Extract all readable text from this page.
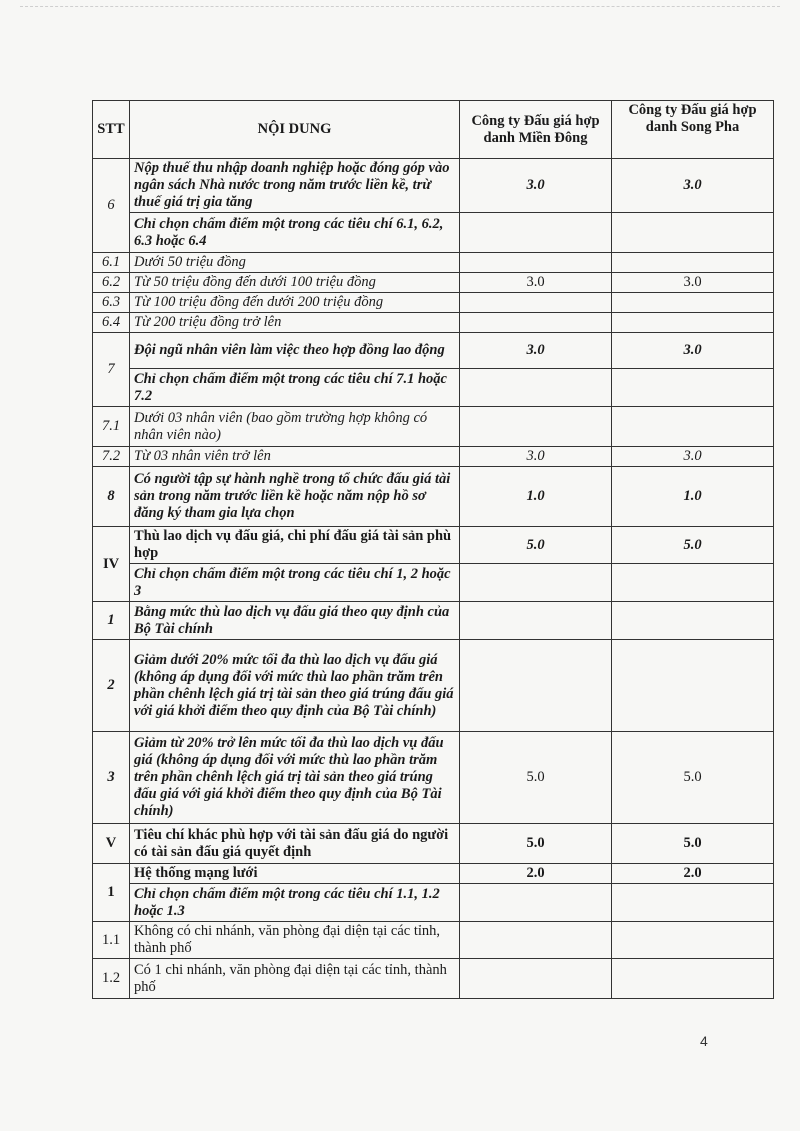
STT	NỘI DUNG	Công ty Đấu giá hợp danh Miền Đông	Công ty Đấu giá hợp danh Song Pha
6	Nộp thuế thu nhập doanh nghiệp hoặc đóng góp vào ngân sách Nhà nước trong năm trước liền kề, trừ thuế giá trị gia tăng	3.0	3.0
	Chỉ chọn chấm điểm một trong các tiêu chí 6.1, 6.2, 6.3 hoặc 6.4		
6.1	Dưới 50 triệu đồng		
6.2	Từ 50 triệu đồng đến dưới 100 triệu đồng	3.0	3.0
6.3	Từ 100 triệu đồng đến dưới 200 triệu đồng		
6.4	Từ 200 triệu đồng trở lên		
7	Đội ngũ nhân viên làm việc theo hợp đồng lao động	3.0	3.0
	Chỉ chọn chấm điểm một trong các tiêu chí 7.1 hoặc 7.2		
7.1	Dưới 03 nhân viên (bao gồm trường hợp không có nhân viên nào)		
7.2	Từ 03 nhân viên trở lên	3.0	3.0
8	Có người tập sự hành nghề trong tổ chức đấu giá tài sản trong năm trước liền kề hoặc năm nộp hồ sơ đăng ký tham gia lựa chọn	1.0	1.0
IV	Thù lao dịch vụ đấu giá, chi phí đấu giá tài sản phù hợp	5.0	5.0
	Chỉ chọn chấm điểm một trong các tiêu chí 1, 2 hoặc 3		
1	Bằng mức thù lao dịch vụ đấu giá theo quy định của Bộ Tài chính		
2	Giảm dưới 20% mức tối đa thù lao dịch vụ đấu giá (không áp dụng đối với mức thù lao phần trăm trên phần chênh lệch giá trị tài sản theo giá trúng đấu giá với giá khởi điểm theo quy định của Bộ Tài chính)		
3	Giảm từ 20% trở lên mức tối đa thù lao dịch vụ đấu giá (không áp dụng đối với mức thù lao phần trăm trên phần chênh lệch giá trị tài sản theo giá trúng đấu giá với giá khởi điểm theo quy định của Bộ Tài chính)	5.0	5.0
V	Tiêu chí khác phù hợp với tài sản đấu giá do người có tài sản đấu giá quyết định	5.0	5.0
1	Hệ thống mạng lưới	2.0	2.0
	Chỉ chọn chấm điểm một trong các tiêu chí 1.1, 1.2 hoặc 1.3		
1.1	Không có chi nhánh, văn phòng đại diện tại các tỉnh, thành phố		
1.2	Có 1 chi nhánh, văn phòng đại diện tại các tỉnh, thành phố		
4
